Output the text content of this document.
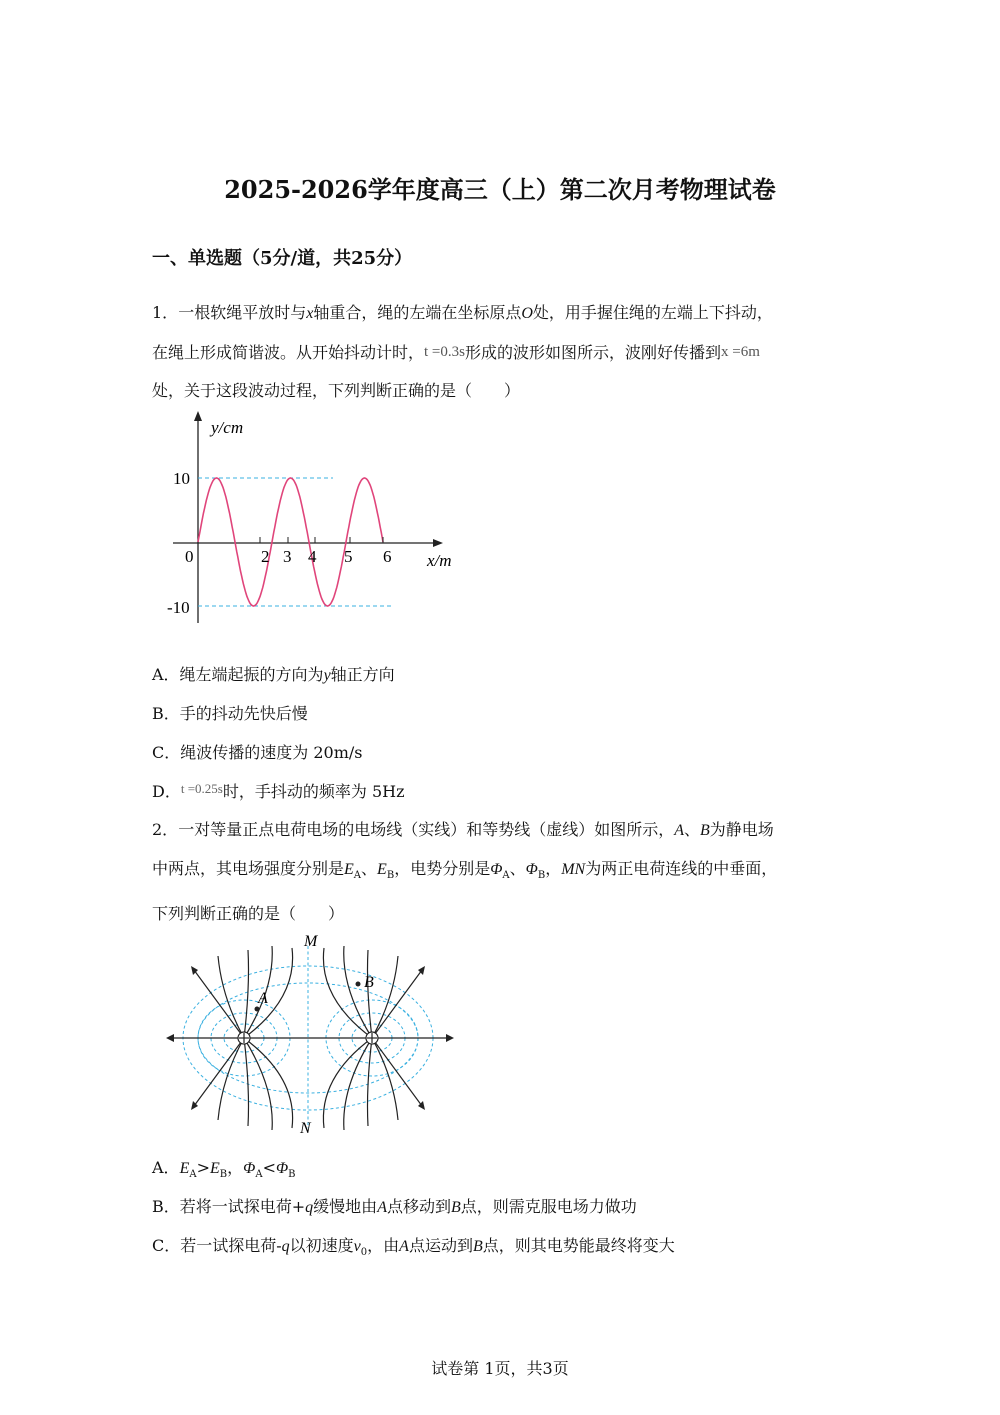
2025-2026学年度高三（上）第二次月考物理试卷
一、单选题（5分/道，共25分）
1．一根软绳平放时与x轴重合，绳的左端在坐标原点O处，用手握住绳的左端上下抖动，
在绳上形成简谐波。从开始抖动计时，t =0.3s形成的波形如图所示，波刚好传播到x =6m
处，关于这段波动过程，下列判断正确的是（　　）
y/cm
x/m
10
-10
0	2 3 4 5 6
A．绳左端起振的方向为y轴正方向
B．手的抖动先快后慢
C．绳波传播的速度为 20m/s
D．$^{t =0.25s}$时，手抖动的频率为 5Hz
2．一对等量正点电荷电场的电场线（实线）和等势线（虚线）如图所示，A、B为静电场
中两点，其电场强度分别是$E_A$、$E_B$，电势分别是$\Phi_A$、$\Phi_B$，MN为两正电荷连线的中垂面，
下列判断正确的是（　　）
A
B
M
N
A．$E_A>E_B$，$\Phi_A<\Phi_B$
B．若将一试探电荷+q缓慢地由A点移动到B点，则需克服电场力做功
C．若一试探电荷-q以初速度$v_0$，由A点运动到B点，则其电势能最终将变大
试卷第 1页，共3页
